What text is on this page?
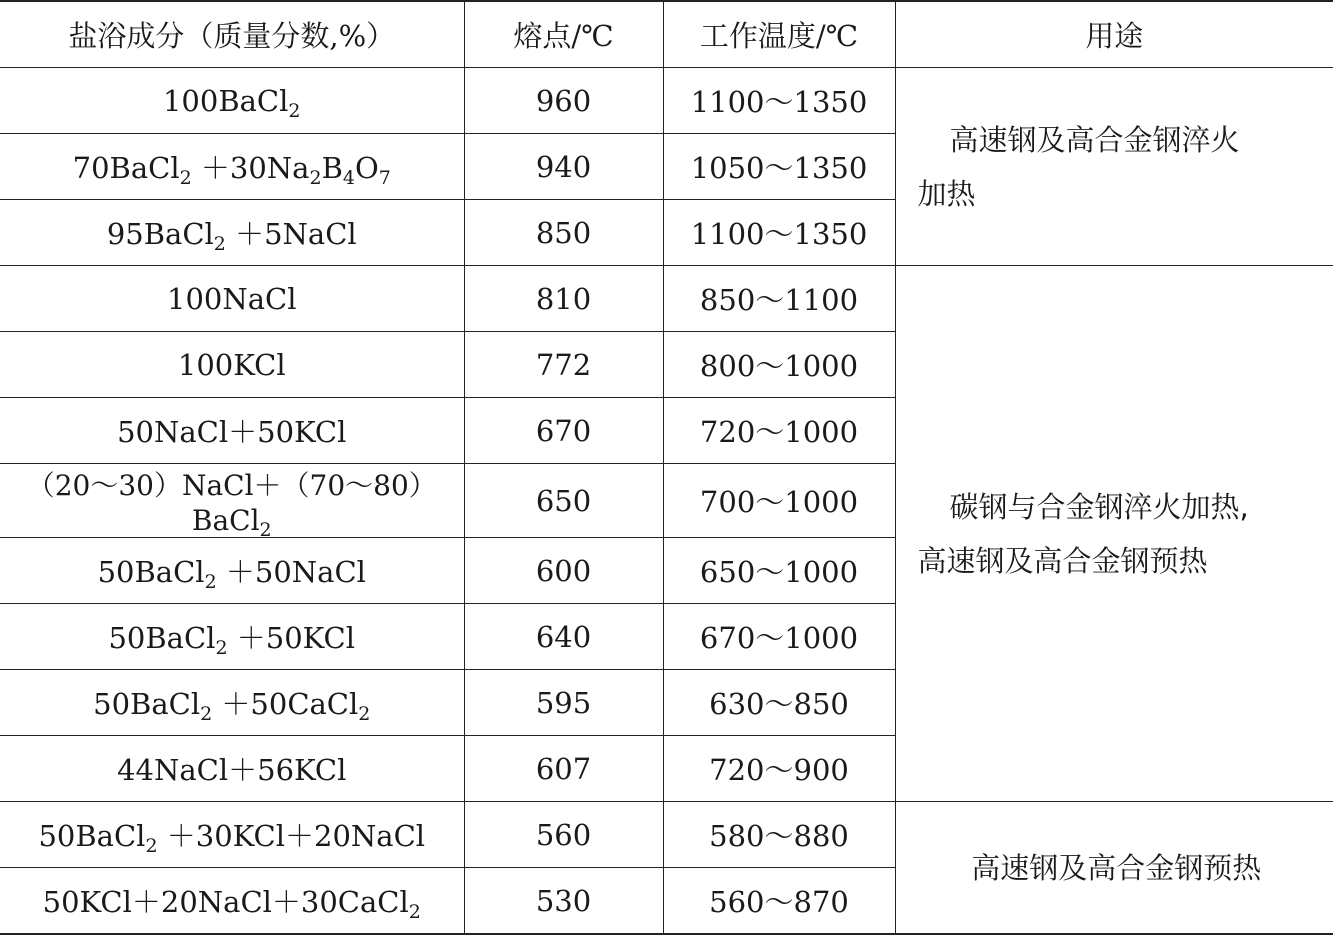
盐浴成分（质量分数,%）	熔点/℃	工作温度/℃	用途
100BaCl$_2$	960	1100～1350	高速钢及高合金钢淬火
加热

70BaCl$_2$ $+30Na_2B_4O_7$	940	1050～1350	
95BaCl$_2$ ＋5NaCl	850	1100～1350	
100NaCl	810	850～1100	碳钢与合金钢淬火加热,
高速钢及高合金钢预热

100KCl	772	800～1000	
50NaCl＋50KCl	670	720～1000	
（20～30）NaCl＋（70～80）BaCl$_2$	650	700～1000	
50BaCl$_2$ ＋50NaCl	600	650～1000	
50BaCl$_2$ ＋50KCl	640	670～1000	
50BaCl$_2$ ＋50CaCl$_2$	595	630～850	
44NaCl＋56KCl	607	720～900	
50BaCl$_2$ ＋30KCl＋20NaCl	560	580～880	高速钢及高合金钢预热

50KCl＋20NaCl＋30CaCl$_2$	530	560～870	
